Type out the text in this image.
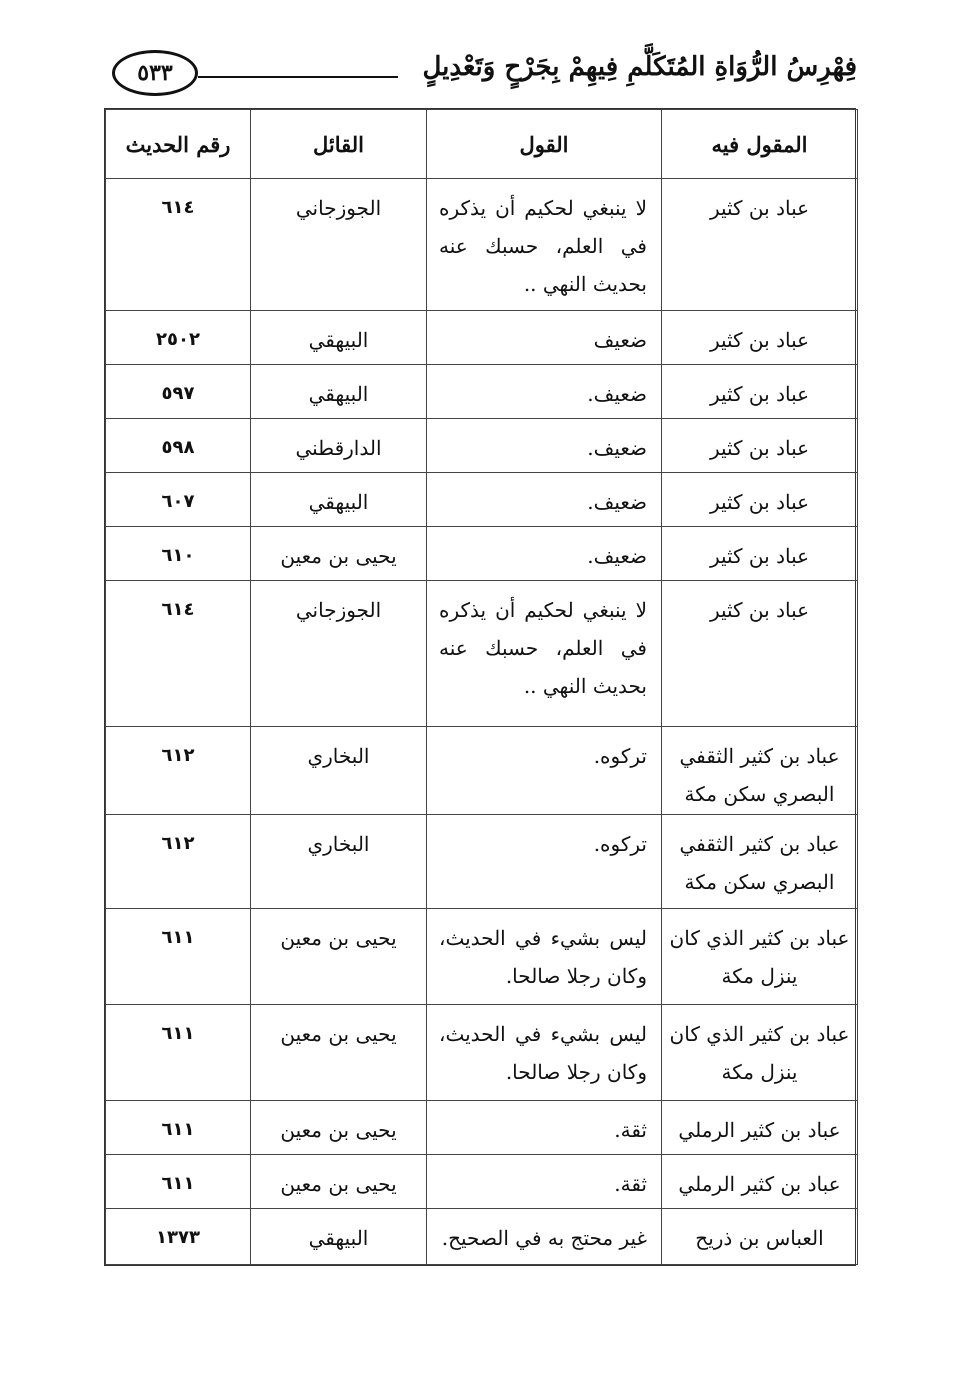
٥٣٣	فِهْرِسُ الرُّوَاةِ المُتَكَلَّمِ فِيهِمْ بِجَرْحٍ وَتَعْدِيلٍ
المقول فيه	القول	القائل	رقم الحديث
عباد بن كثير	لا ينبغي لحكيم أن يذكره في العلم، حسبك عنه بحديث النهي ..	الجوزجاني	٦١٤
عباد بن كثير	ضعيف	البيهقي	٢٥٠٢
عباد بن كثير	ضعيف.	البيهقي	٥٩٧
عباد بن كثير	ضعيف.	الدارقطني	٥٩٨
عباد بن كثير	ضعيف.	البيهقي	٦٠٧
عباد بن كثير	ضعيف.	يحيى بن معين	٦١٠
عباد بن كثير	لا ينبغي لحكيم أن يذكره في العلم، حسبك عنه بحديث النهي ..	الجوزجاني	٦١٤
عباد بن كثير الثقفي البصري سكن مكة	تركوه.	البخاري	٦١٢
عباد بن كثير الثقفي البصري سكن مكة	تركوه.	البخاري	٦١٢
عباد بن كثير الذي كان ينزل مكة	ليس بشيء في الحديث، وكان رجلا صالحا.	يحيى بن معين	٦١١
عباد بن كثير الذي كان ينزل مكة	ليس بشيء في الحديث، وكان رجلا صالحا.	يحيى بن معين	٦١١
عباد بن كثير الرملي	ثقة.	يحيى بن معين	٦١١
عباد بن كثير الرملي	ثقة.	يحيى بن معين	٦١١
العباس بن ذريح	غير محتج به في الصحيح.	البيهقي	١٣٧٣
